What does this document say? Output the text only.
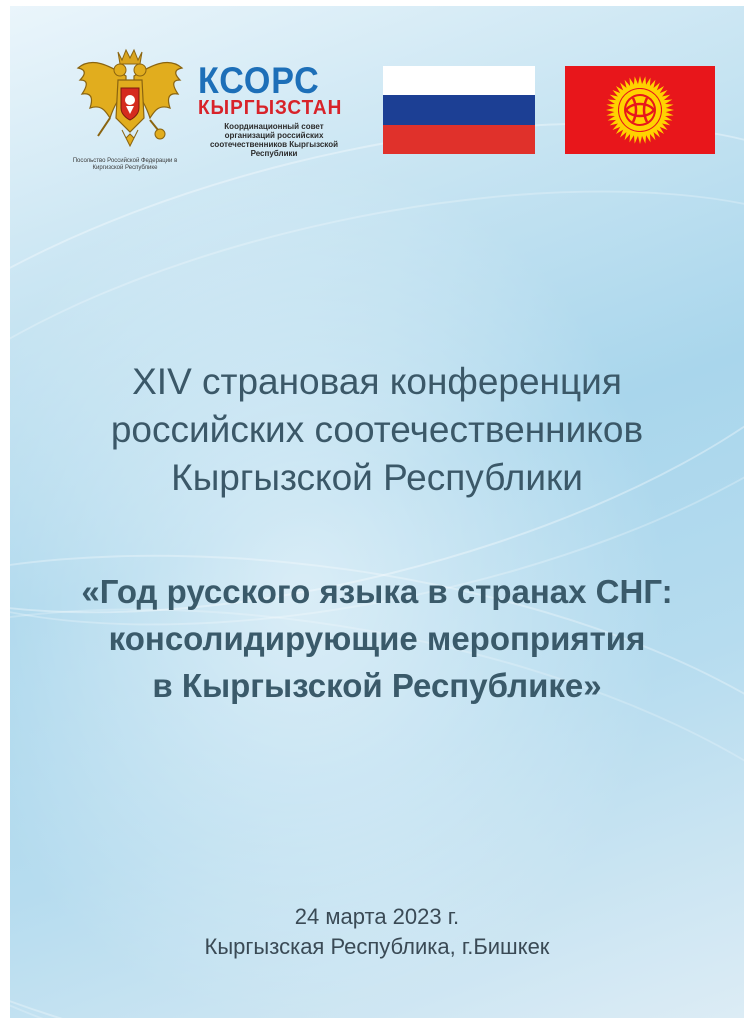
Посольство Российской Федерации в Киргизской Республике
КСОРС
КЫРГЫЗСТАН
Координационный совет организаций российских соотечественников Кыргызской Республики
XIV страновая конференция
российских соотечественников
Кыргызской Республики
«Год русского языка в странах СНГ:
консолидирующие мероприятия
в Кыргызской Республике»
24 марта 2023 г.
Кыргызская Республика, г.Бишкек
